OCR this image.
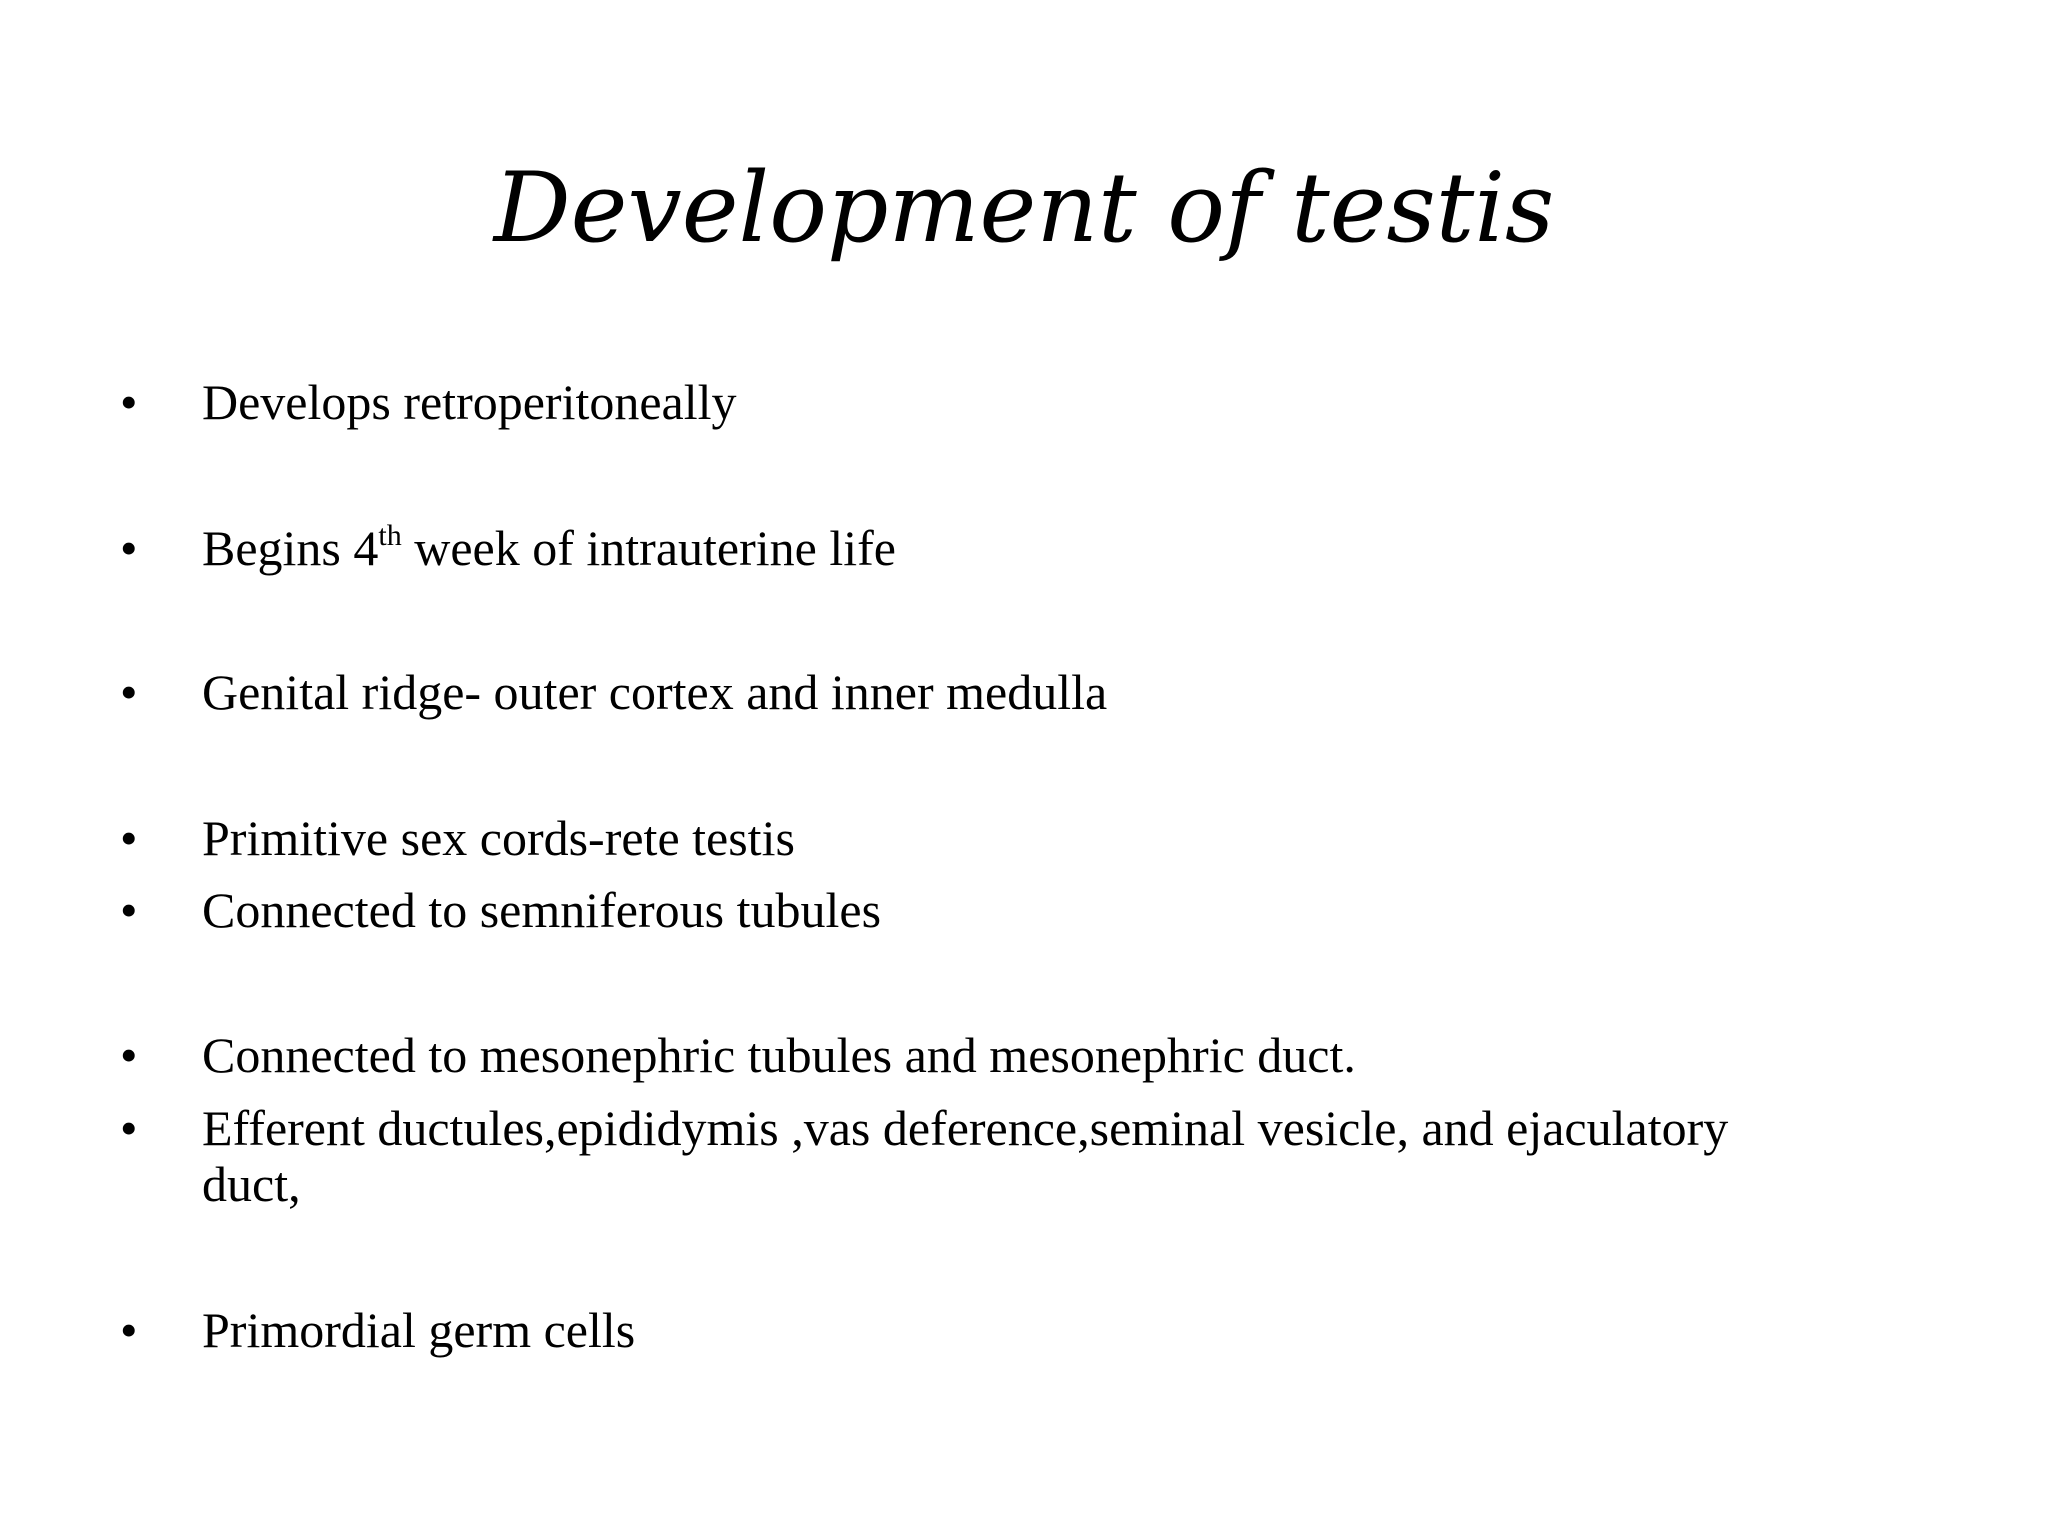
Development of testis
•	Develops retroperitoneally
•	Begins 4th week of intrauterine life
•	Genital ridge- outer cortex and inner medulla
•	Primitive sex cords-rete testis
•	Connected to semniferous tubules
•	Connected to mesonephric tubules and mesonephric duct.
•	Efferent ductules,epididymis ,vas deference,seminal vesicle, and ejaculatory
duct,
•	Primordial germ cells
